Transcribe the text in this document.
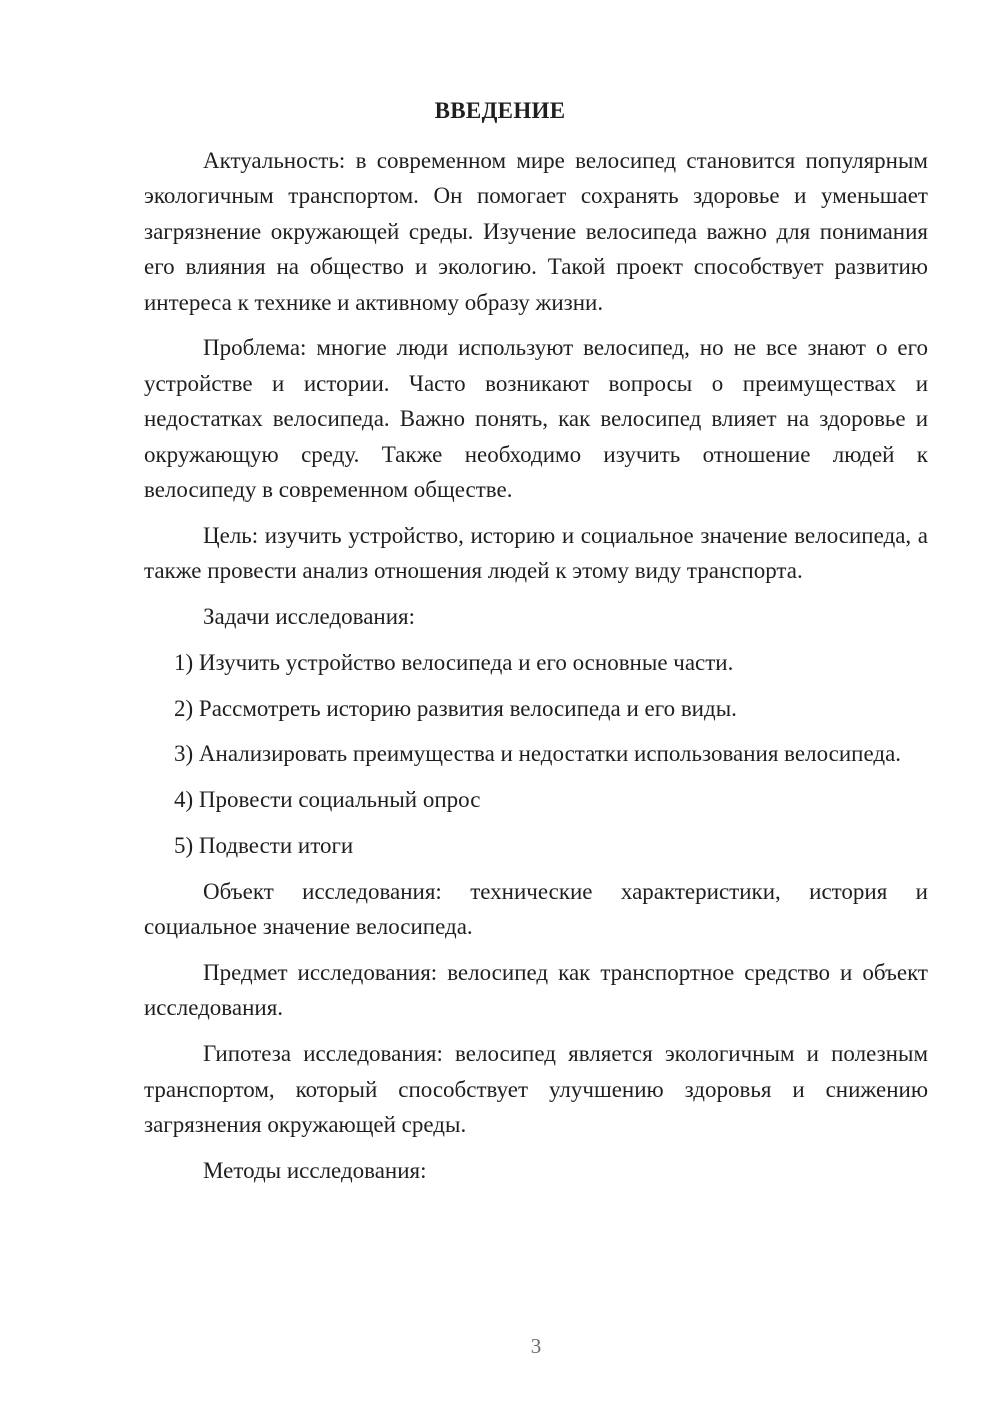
ВВЕДЕНИЕ

Актуальность: в современном мире велосипед становится популярным экологичным транспортом. Он помогает сохранять здоровье и уменьшает загрязнение окружающей среды. Изучение велосипеда важно для понимания его влияния на общество и экологию. Такой проект способствует развитию интереса к технике и активному образу жизни.

Проблема: многие люди используют велосипед, но не все знают о его устройстве и истории. Часто возникают вопросы о преимуществах и недостатках велосипеда. Важно понять, как велосипед влияет на здоровье и окружающую среду. Также необходимо изучить отношение людей к велосипеду в современном обществе.

Цель: изучить устройство, историю и социальное значение велосипеда, а также провести анализ отношения людей к этому виду транспорта.

Задачи исследования:

1) Изучить устройство велосипеда и его основные части.

2) Рассмотреть историю развития велосипеда и его виды.

3) Анализировать преимущества и недостатки использования велосипеда.

4) Провести социальный опрос

5) Подвести итоги

Объект исследования: технические характеристики, история и социальное значение велосипеда.

Предмет исследования: велосипед как транспортное средство и объект исследования.

Гипотеза исследования: велосипед является экологичным и полезным транспортом, который способствует улучшению здоровья и снижению загрязнения окружающей среды.

Методы исследования:

3
